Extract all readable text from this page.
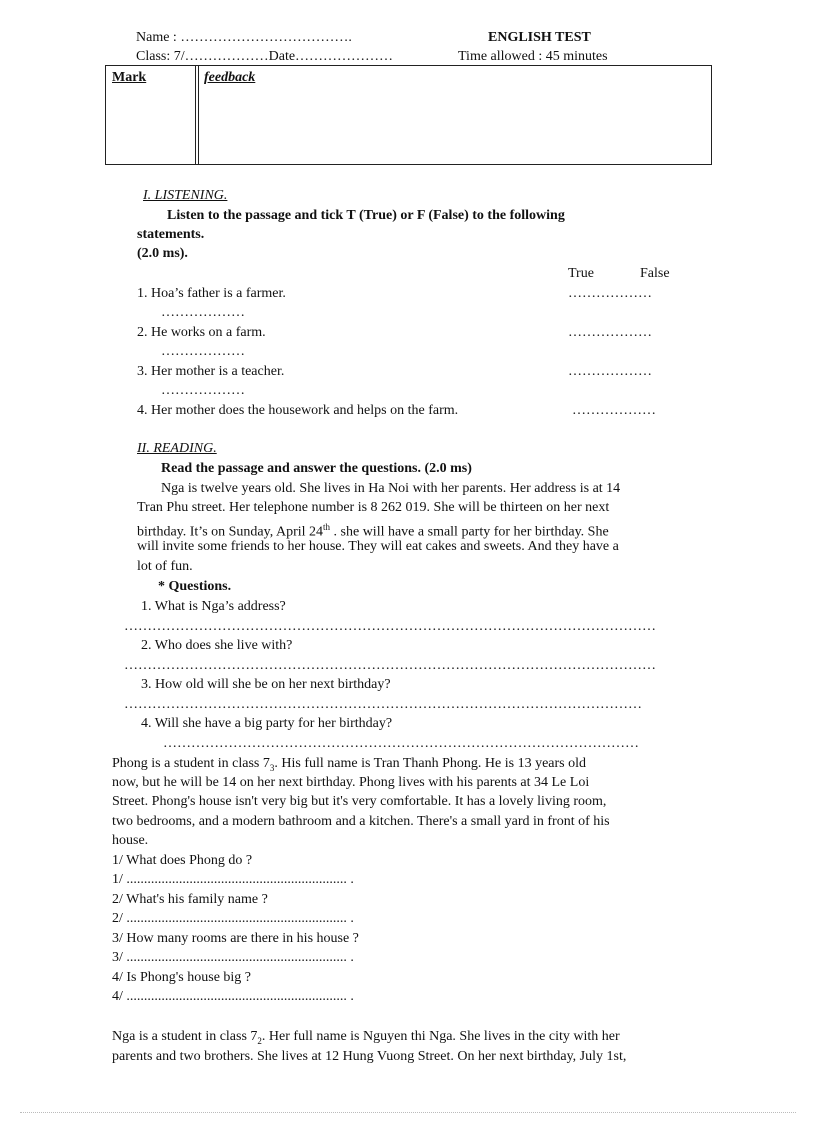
Name : ……………………………….	ENGLISH TEST
Class: 7/………………Date…………………	Time allowed : 45 minutes
Mark	feedback
I. LISTENING.
Listen to the passage and tick T (True) or F (False) to the following
statements.
(2.0 ms).
True	False
1. Hoa’s father is a farmer.	………………
………………
2. He works on a farm.	………………
………………
3. Her mother is a teacher.	………………
………………
4. Her mother does the housework and helps on the farm.	………………
II. READING.
Read the passage and answer the questions. (2.0 ms)
Nga is twelve years old. She lives in Ha Noi with her parents. Her address is at 14
Tran Phu street. Her telephone number is 8 262 019. She will be thirteen on her next
birthday. It’s on Sunday, April 24th . she will have a small party for her birthday. She
will invite some friends to her house. They will eat cakes and sweets. And they have a
lot of fun.
* Questions.
1. What is Nga’s address?
……………………………………………………………………………………………………
2. Who does she live with?
……………………………………………………………………………………………………
3. How old will she be on her next birthday?
…………………………………………………………………………………………………
4. Will she have a big party for her birthday?
…………………………………………………………………………………………
Phong is a student in class $7_3$. His full name is Tran Thanh Phong. He is 13 years old
now, but he will be 14 on her next birthday. Phong lives with his parents at 34 Le Loi
Street. Phong's house isn't very big but it's very comfortable. It has a lovely living room,
two bedrooms, and a modern bathroom and a kitchen. There's a small yard in front of his
house.
1/ What does Phong do ?
1/ ............................................................... .
2/ What's his family name ?
2/ ............................................................... .
3/ How many rooms are there in his house ?
3/ ............................................................... .
4/ Is Phong's house big ?
4/ ............................................................... .
Nga is a student in class $7_2$. Her full name is Nguyen thi Nga. She lives in the city with her
parents and two brothers. She lives at 12 Hung Vuong Street. On her next birthday, July 1st,
